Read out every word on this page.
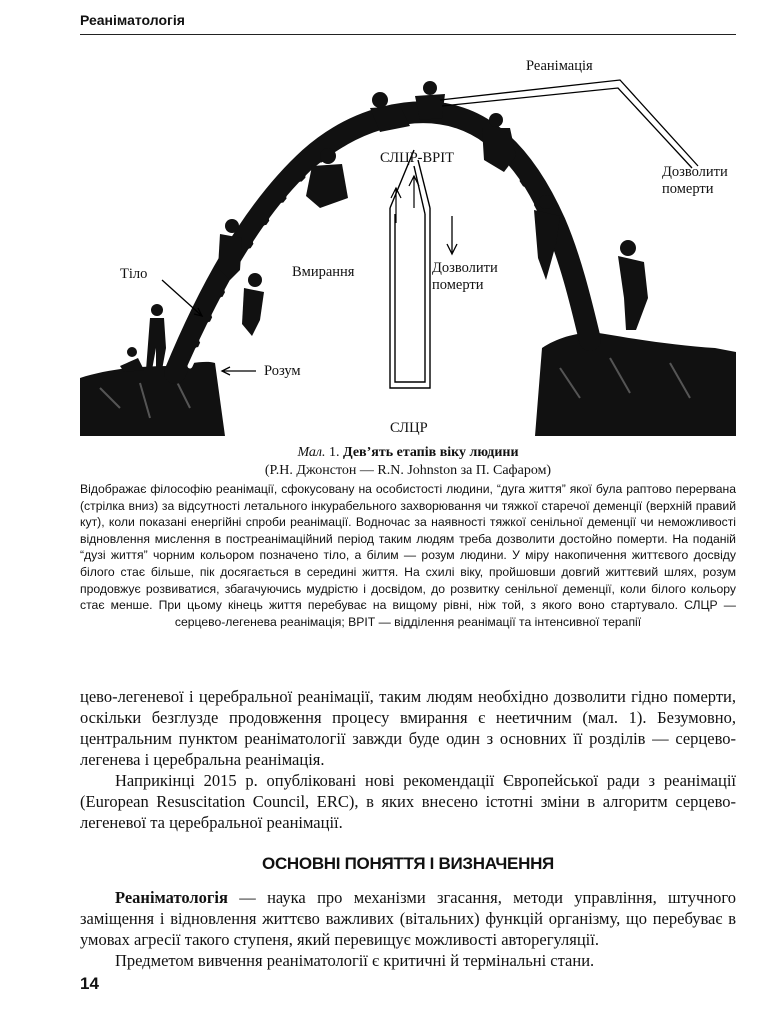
Реаніматологія
Реанімація
Дозволити
померти
СЛЦР-ВРІТ
Тіло	Вмирання	Дозволити
померти
Розум
СЛЦР
Мал. 1. Дев’ять етапів віку людини
(P.H. Джонстон — R.N. Johnston за П. Сафаром)
Відображає філософію реанімації, сфокусовану на особистості людини, “дуга життя” якої була раптово перервана (стрілка вниз) за відсутності летального інкурабельного захворювання чи тяжкої старечої деменції (верхній правий кут), коли показані енергійні спроби реанімації. Водночас за наявності тяжкої сенільної деменції чи неможливості відновлення мислення в постреанімаційний період таким людям треба дозволити достойно померти. На поданій “дузі життя” чорним кольором позначено тіло, а білим — розум людини. У міру накопичення життєвого досвіду білого стає більше, пік досягається в середині життя. На схилі віку, пройшовши довгий життєвий шлях, розум продовжує розвиватися, збагачуючись мудрістю і досвідом, до розвитку сенільної деменції, коли білого кольору стає менше. При цьому кінець життя перебуває на вищому рівні, ніж той, з якого воно стартувало. СЛЦР — серцево-легенева реанімація; ВРІТ — відділення реанімації та інтенсивної терапії

цево-легеневої і церебральної реанімації, таким людям необхідно дозволити гідно померти, оскільки безглузде продовження процесу вмирання є неетичним (мал. 1). Безумовно, центральним пунктом реаніматології завжди буде один з основних її розділів — серцево-легенева і церебральна реанімація.

Наприкінці 2015 р. опубліковані нові рекомендації Європейської ради з реанімації (European Resuscitation Council, ERC), в яких внесено істотні зміни в алгоритм серцево-легеневої та церебральної реанімації.

ОСНОВНІ ПОНЯТТЯ І ВИЗНАЧЕННЯ

Реаніматологія — наука про механізми згасання, методи управління, штучного заміщення і відновлення життєво важливих (вітальних) функцій організму, що перебуває в умовах агресії такого ступеня, який перевищує можливості авторегуляції.

Предметом вивчення реаніматології є критичні й термінальні стани.

14
